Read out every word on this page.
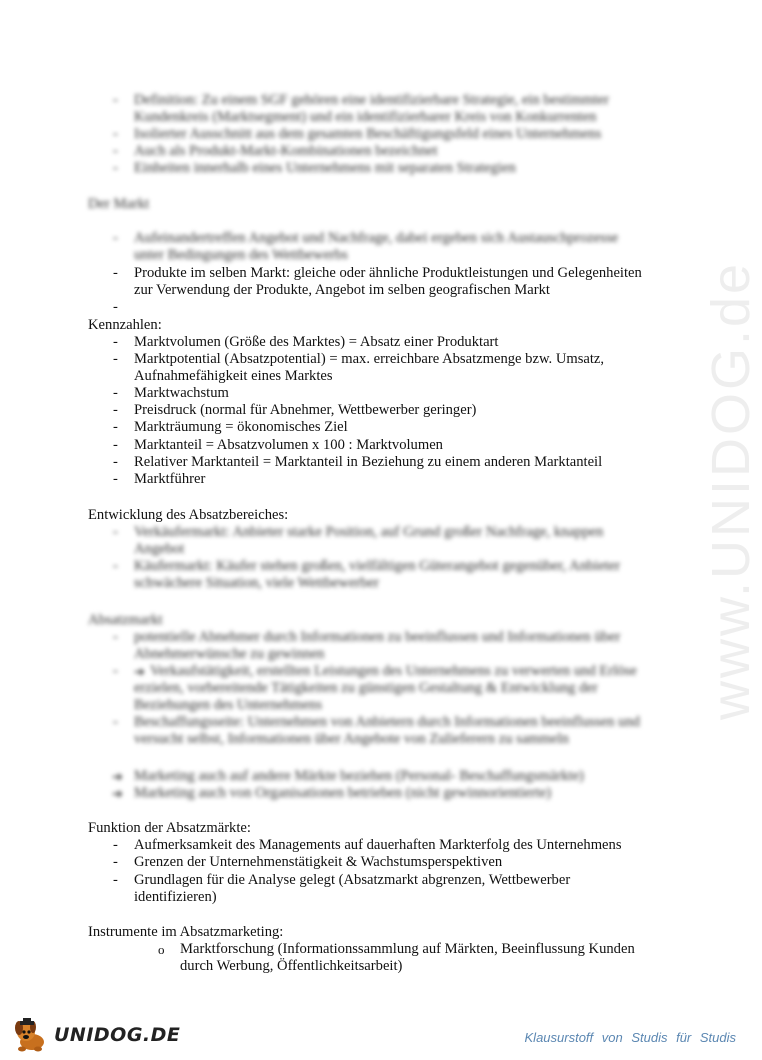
www.UNIDOG.de
- Definition: Zu einem SGF gehören eine identifizierbare Strategie, ein bestimmter
Kundenkreis (Marktsegment) und ein identifizierbarer Kreis von Konkurrenten
- Isolierter Ausschnitt aus dem gesamten Beschäftigungsfeld eines Unternehmens
- Auch als Produkt-Markt-Kombinationen bezeichnet
- Einheiten innerhalb eines Unternehmens mit separaten Strategien
Der Markt
- Aufeinandertreffen Angebot und Nachfrage, dabei ergeben sich Austauschprozesse
unter Bedingungen des Wettbewerbs
- Produkte im selben Markt: gleiche oder ähnliche Produktleistungen und Gelegenheiten
zur Verwendung der Produkte, Angebot im selben geografischen Markt
-
Kennzahlen:
- Marktvolumen (Größe des Marktes) = Absatz einer Produktart
- Marktpotential (Absatzpotential) = max. erreichbare Absatzmenge bzw. Umsatz,
Aufnahmefähigkeit eines Marktes
- Marktwachstum
- Preisdruck (normal für Abnehmer, Wettbewerber geringer)
- Markträumung = ökonomisches Ziel
- Marktanteil = Absatzvolumen x 100 : Marktvolumen
- Relativer Marktanteil = Marktanteil in Beziehung zu einem anderen Marktanteil
- Marktführer
Entwicklung des Absatzbereiches:
- Verkäufermarkt: Anbieter starke Position, auf Grund großer Nachfrage, knappen
Angebot
- Käufermarkt: Käufer stehen großen, vielfältigen Güterangebot gegenüber, Anbieter
schwächere Situation, viele Wettbewerber
Absatzmarkt
- potentielle Abnehmer durch Informationen zu beeinflussen und Informationen über
Abnehmerwünsche zu gewinnen
- ➔ Verkaufstätigkeit, erstellten Leistungen des Unternehmens zu verwerten und Erlöse
erzielen, vorbereitende Tätigkeiten zu günstigen Gestaltung & Entwicklung der
Beziehungen des Unternehmens
- Beschaffungsseite: Unternehmen von Anbietern durch Informationen beeinflussen und
versucht selbst, Informationen über Angebote von Zulieferern zu sammeln
➔ Marketing auch auf andere Märkte beziehen (Personal- Beschaffungsmärkte)
➔ Marketing auch von Organisationen betrieben (nicht gewinnorientierte)
Funktion der Absatzmärkte:
- Aufmerksamkeit des Managements auf dauerhaften Markterfolg des Unternehmens
- Grenzen der Unternehmenstätigkeit & Wachstumsperspektiven
- Grundlagen für die Analyse gelegt (Absatzmarkt abgrenzen, Wettbewerber
identifizieren)
Instrumente im Absatzmarketing:
o Marktforschung (Informationssammlung auf Märkten, Beeinflussung Kunden
durch Werbung, Öffentlichkeitsarbeit)
UNIDOG.DE	Klausurstoff von Studis für Studis
